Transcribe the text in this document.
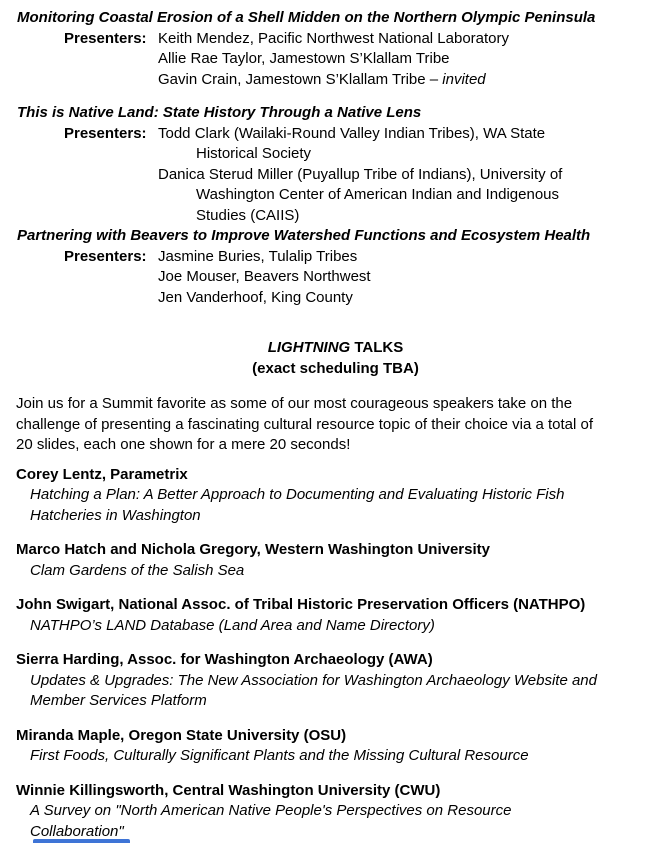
Monitoring Coastal Erosion of a Shell Midden on the Northern Olympic Peninsula
Presenters: Keith Mendez, Pacific Northwest National Laboratory
Allie Rae Taylor, Jamestown S’Klallam Tribe
Gavin Crain, Jamestown S’Klallam Tribe – invited
This is Native Land: State History Through a Native Lens
Presenters: Todd Clark (Wailaki-Round Valley Indian Tribes), WA State
Historical Society
Danica Sterud Miller (Puyallup Tribe of Indians), University of
Washington Center of American Indian and Indigenous
Studies (CAIIS)
Partnering with Beavers to Improve Watershed Functions and Ecosystem Health
Presenters: Jasmine Buries, Tulalip Tribes
Joe Mouser, Beavers Northwest
Jen Vanderhoof, King County
LIGHTNING TALKS
(exact scheduling TBA)
Join us for a Summit favorite as some of our most courageous speakers take on the
challenge of presenting a fascinating cultural resource topic of their choice via a total of
20 slides, each one shown for a mere 20 seconds!
Corey Lentz, Parametrix
Hatching a Plan: A Better Approach to Documenting and Evaluating Historic Fish
Hatcheries in Washington
Marco Hatch and Nichola Gregory, Western Washington University
Clam Gardens of the Salish Sea
John Swigart, National Assoc. of Tribal Historic Preservation Officers (NATHPO)
NATHPO’s LAND Database (Land Area and Name Directory)
Sierra Harding, Assoc. for Washington Archaeology (AWA)
Updates & Upgrades: The New Association for Washington Archaeology Website and
Member Services Platform
Miranda Maple, Oregon State University (OSU)
First Foods, Culturally Significant Plants and the Missing Cultural Resource
Winnie Killingsworth, Central Washington University (CWU)
A Survey on "North American Native People's Perspectives on Resource
Collaboration"
